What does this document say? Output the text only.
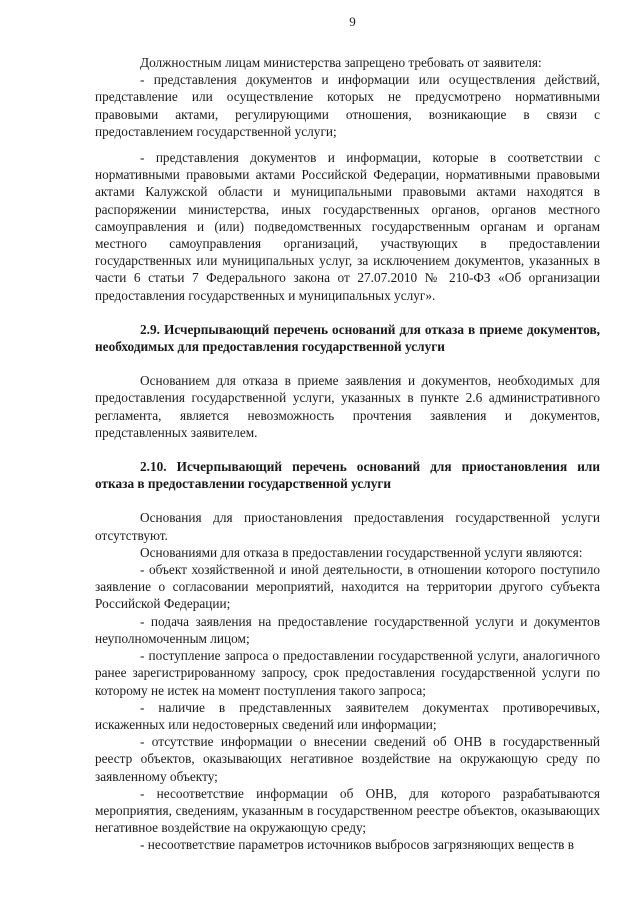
9

Должностным лицам министерства запрещено требовать от заявителя:

- представления документов и информации или осуществления действий, представление или осуществление которых не предусмотрено нормативными правовыми актами, регулирующими отношения, возникающие в связи с предоставлением государственной услуги;

- представления документов и информации, которые в соответствии с нормативными правовыми актами Российской Федерации, нормативными правовыми актами Калужской области и муниципальными правовыми актами находятся в распоряжении министерства, иных государственных органов, органов местного самоуправления и (или) подведомственных государственным органам и органам местного самоуправления организаций, участвующих в предоставлении государственных или муниципальных услуг, за исключением документов, указанных в части 6 статьи 7 Федерального закона от 27.07.2010 № 210-ФЗ «Об организации предоставления государственных и муниципальных услуг».

2.9. Исчерпывающий перечень оснований для отказа в приеме документов, необходимых для предоставления государственной услуги

Основанием для отказа в приеме заявления и документов, необходимых для предоставления государственной услуги, указанных в пункте 2.6 административного регламента, является невозможность прочтения заявления и документов, представленных заявителем.

2.10. Исчерпывающий перечень оснований для приостановления или отказа в предоставлении государственной услуги

Основания для приостановления предоставления государственной услуги отсутствуют.

Основаниями для отказа в предоставлении государственной услуги являются:

- объект хозяйственной и иной деятельности, в отношении которого поступило заявление о согласовании мероприятий, находится на территории другого субъекта Российской Федерации;

- подача заявления на предоставление государственной услуги и документов неуполномоченным лицом;

- поступление запроса о предоставлении государственной услуги, аналогичного ранее зарегистрированному запросу, срок предоставления государственной услуги по которому не истек на момент поступления такого запроса;

- наличие в представленных заявителем документах противоречивых, искаженных или недостоверных сведений или информации;

- отсутствие информации о внесении сведений об ОНВ в государственный реестр объектов, оказывающих негативное воздействие на окружающую среду по заявленному объекту;

- несоответствие информации об ОНВ, для которого разрабатываются мероприятия, сведениям, указанным в государственном реестре объектов, оказывающих негативное воздействие на окружающую среду;

- несоответствие параметров источников выбросов загрязняющих веществ в
